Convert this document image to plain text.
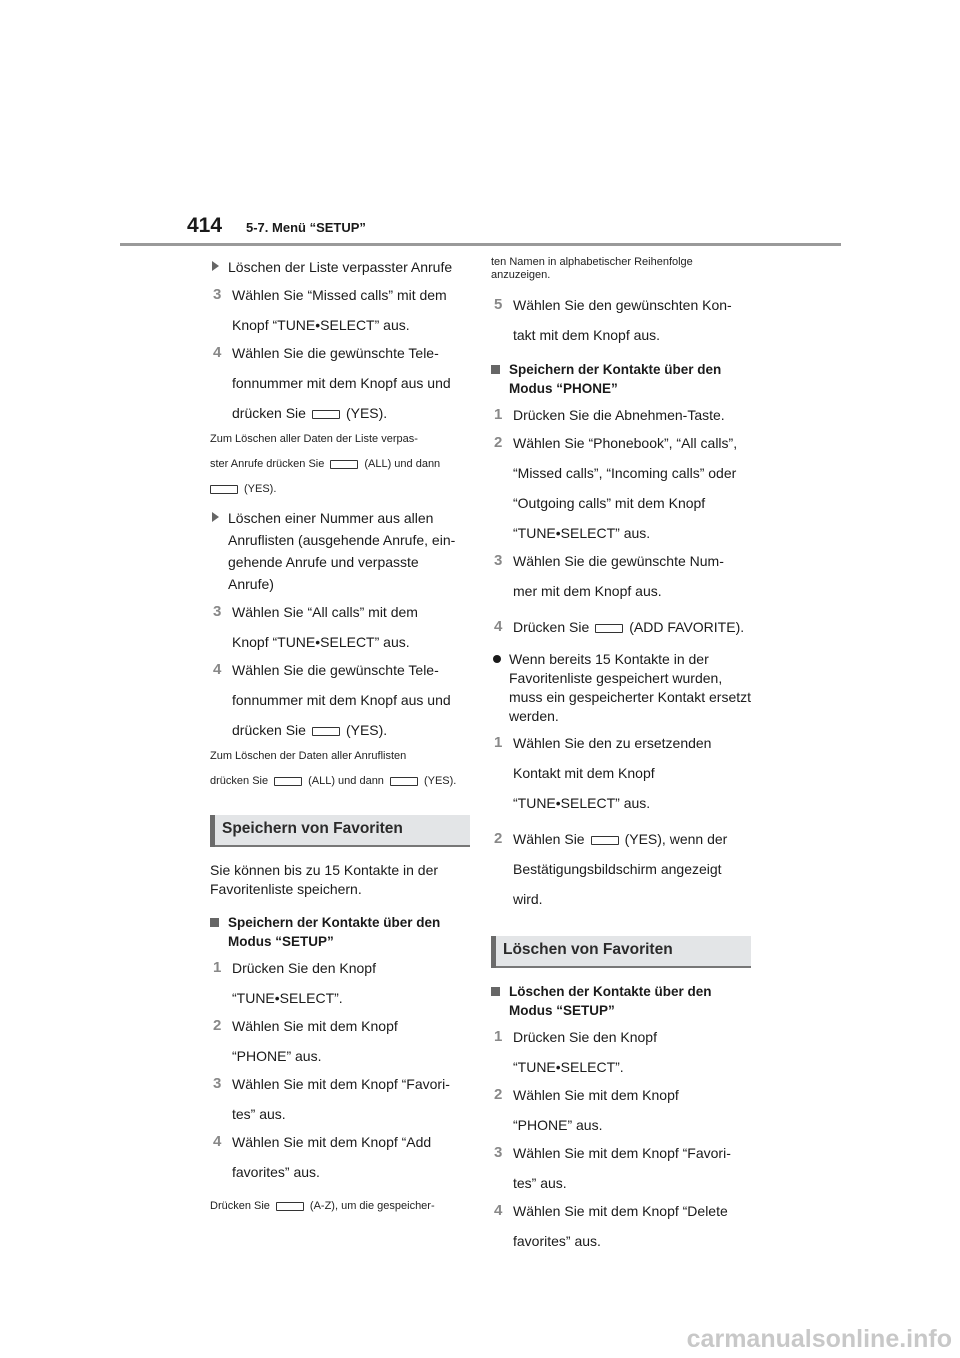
414 5-7. Menü “SETUP”
Löschen der Liste verpasster Anrufe
3 Wählen Sie “Missed calls” mit dem
Knopf “TUNE•SELECT” aus.
4 Wählen Sie die gewünschte Tele-
fonnummer mit dem Knopf aus und
drücken Sie	(YES).
Zum Löschen aller Daten der Liste verpas-
ster Anrufe drücken Sie	(ALL) und dann
(YES).
Löschen einer Nummer aus allen
Anruflisten (ausgehende Anrufe, ein-
gehende Anrufe und verpasste
Anrufe)
3 Wählen Sie “All calls” mit dem
Knopf “TUNE•SELECT” aus.
4 Wählen Sie die gewünschte Tele-
fonnummer mit dem Knopf aus und
drücken Sie	(YES).
Zum Löschen der Daten aller Anruflisten
drücken Sie	(ALL) und dann	(YES).
Speichern von Favoriten
Sie können bis zu 15 Kontakte in der Favoritenliste speichern.
Speichern der Kontakte über den Modus “SETUP”
1 Drücken Sie den Knopf
“TUNE•SELECT”.
2 Wählen Sie mit dem Knopf
“PHONE” aus.
3 Wählen Sie mit dem Knopf “Favori-
tes” aus.
4 Wählen Sie mit dem Knopf “Add
favorites” aus.
Drücken Sie	(A-Z), um die gespeicher-
ten Namen in alphabetischer Reihenfolge anzuzeigen.
5 Wählen Sie den gewünschten Kon-
takt mit dem Knopf aus.
Speichern der Kontakte über den Modus “PHONE”
1 Drücken Sie die Abnehmen-Taste.
2 Wählen Sie “Phonebook”, “All calls”,
“Missed calls”, “Incoming calls” oder
“Outgoing calls” mit dem Knopf
“TUNE•SELECT” aus.
3 Wählen Sie die gewünschte Num-
mer mit dem Knopf aus.
4 Drücken Sie	(ADD FAVORITE).
Wenn bereits 15 Kontakte in der Favoritenliste gespeichert wurden, muss ein gespeicherter Kontakt ersetzt werden.
1 Wählen Sie den zu ersetzenden
Kontakt mit dem Knopf
“TUNE•SELECT” aus.
2 Wählen Sie	(YES), wenn der
Bestätigungsbildschirm angezeigt
wird.
Löschen von Favoriten
Löschen der Kontakte über den Modus “SETUP”
1 Drücken Sie den Knopf
“TUNE•SELECT”.
2 Wählen Sie mit dem Knopf
“PHONE” aus.
3 Wählen Sie mit dem Knopf “Favori-
tes” aus.
4 Wählen Sie mit dem Knopf “Delete
favorites” aus.
carmanualsonline.info
